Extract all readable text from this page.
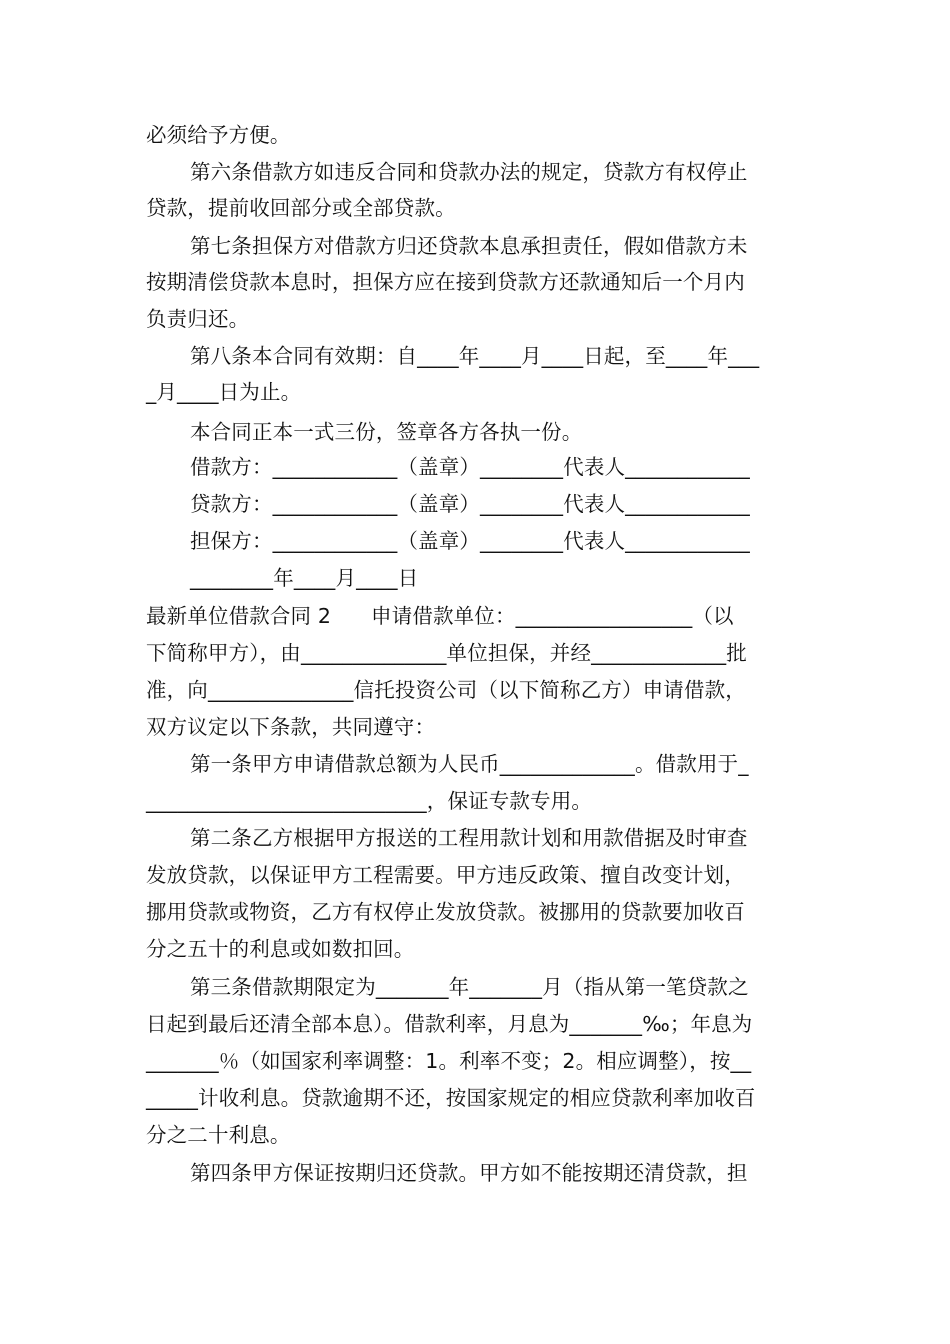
必须给予方便。
第六条借款方如违反合同和贷款办法的规定，贷款方有权停止
贷款，提前收回部分或全部贷款。
第七条担保方对借款方归还贷款本息承担责任，假如借款方未
按期清偿贷款本息时，担保方应在接到贷款方还款通知后一个月内
负责归还。
第八条本合同有效期：自____年____月____日起，至____年___
_月____日为止。
本合同正本一式三份，签章各方各执一份。
借款方：____________（盖章）________代表人____________
贷款方：____________（盖章）________代表人____________
担保方：____________（盖章）________代表人____________
________年____月____日
最新单位借款合同 2      申请借款单位：_________________（以
下简称甲方），由______________单位担保，并经_____________批
准，向______________信托投资公司（以下简称乙方）申请借款，
双方议定以下条款，共同遵守：
第一条甲方申请借款总额为人民币_____________。借款用于_
___________________________，保证专款专用。
第二条乙方根据甲方报送的工程用款计划和用款借据及时审查
发放贷款，以保证甲方工程需要。甲方违反政策、擅自改变计划，
挪用贷款或物资，乙方有权停止发放贷款。被挪用的贷款要加收百
分之五十的利息或如数扣回。
第三条借款期限定为_______年_______月（指从第一笔贷款之
日起到最后还清全部本息）。借款利率，月息为_______‰；年息为
_______％（如国家利率调整：1。利率不变；2。相应调整），按__
_____计收利息。贷款逾期不还，按国家规定的相应贷款利率加收百
分之二十利息。
第四条甲方保证按期归还贷款。甲方如不能按期还清贷款，担
